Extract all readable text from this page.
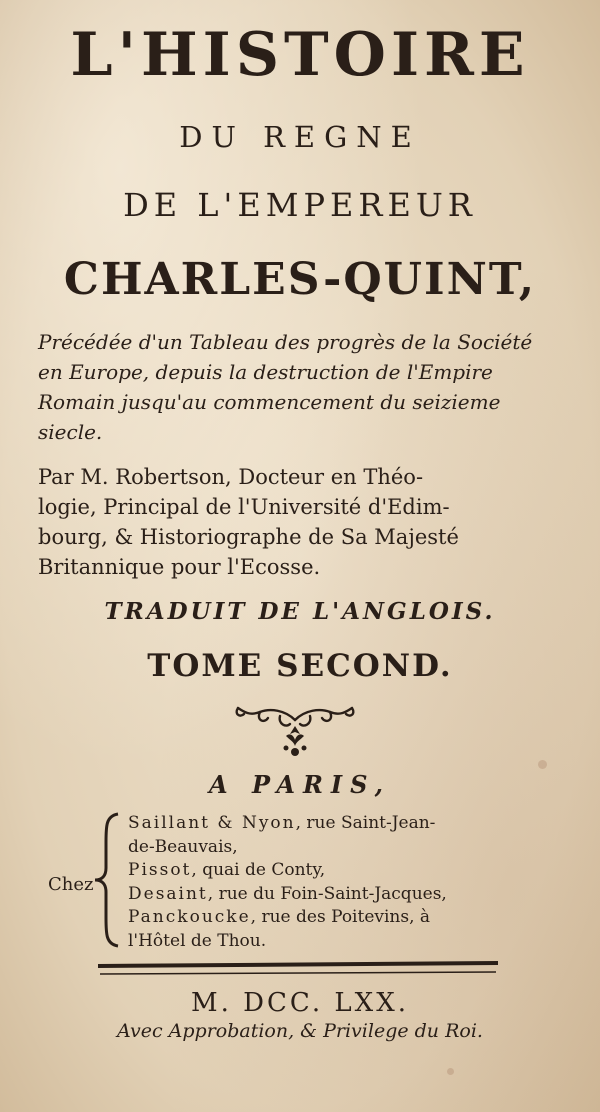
L'HISTOIRE
DU REGNE
DE L'EMPEREUR
CHARLES-QUINT,
Précédée d'un Tableau des progrès de la Société
en Europe, depuis la destruction de l'Empire
Romain jusqu'au commencement du seizieme
siecle.
Par M. Robertson, Docteur en Théo-
logie, Principal de l'Université d'Edim-
bourg, & Historiographe de Sa Majesté
Britannique pour l'Ecosse.
TRADUIT DE L'ANGLOIS.
TOME SECOND.
A PARIS,
Chez
Saillant & Nyon, rue Saint-Jean-
de-Beauvais,
Pissot, quai de Conty,
Desaint, rue du Foin-Saint-Jacques,
Panckoucke, rue des Poitevins, à
l'Hôtel de Thou.
M. DCC. LXX.
Avec Approbation, & Privilege du Roi.
